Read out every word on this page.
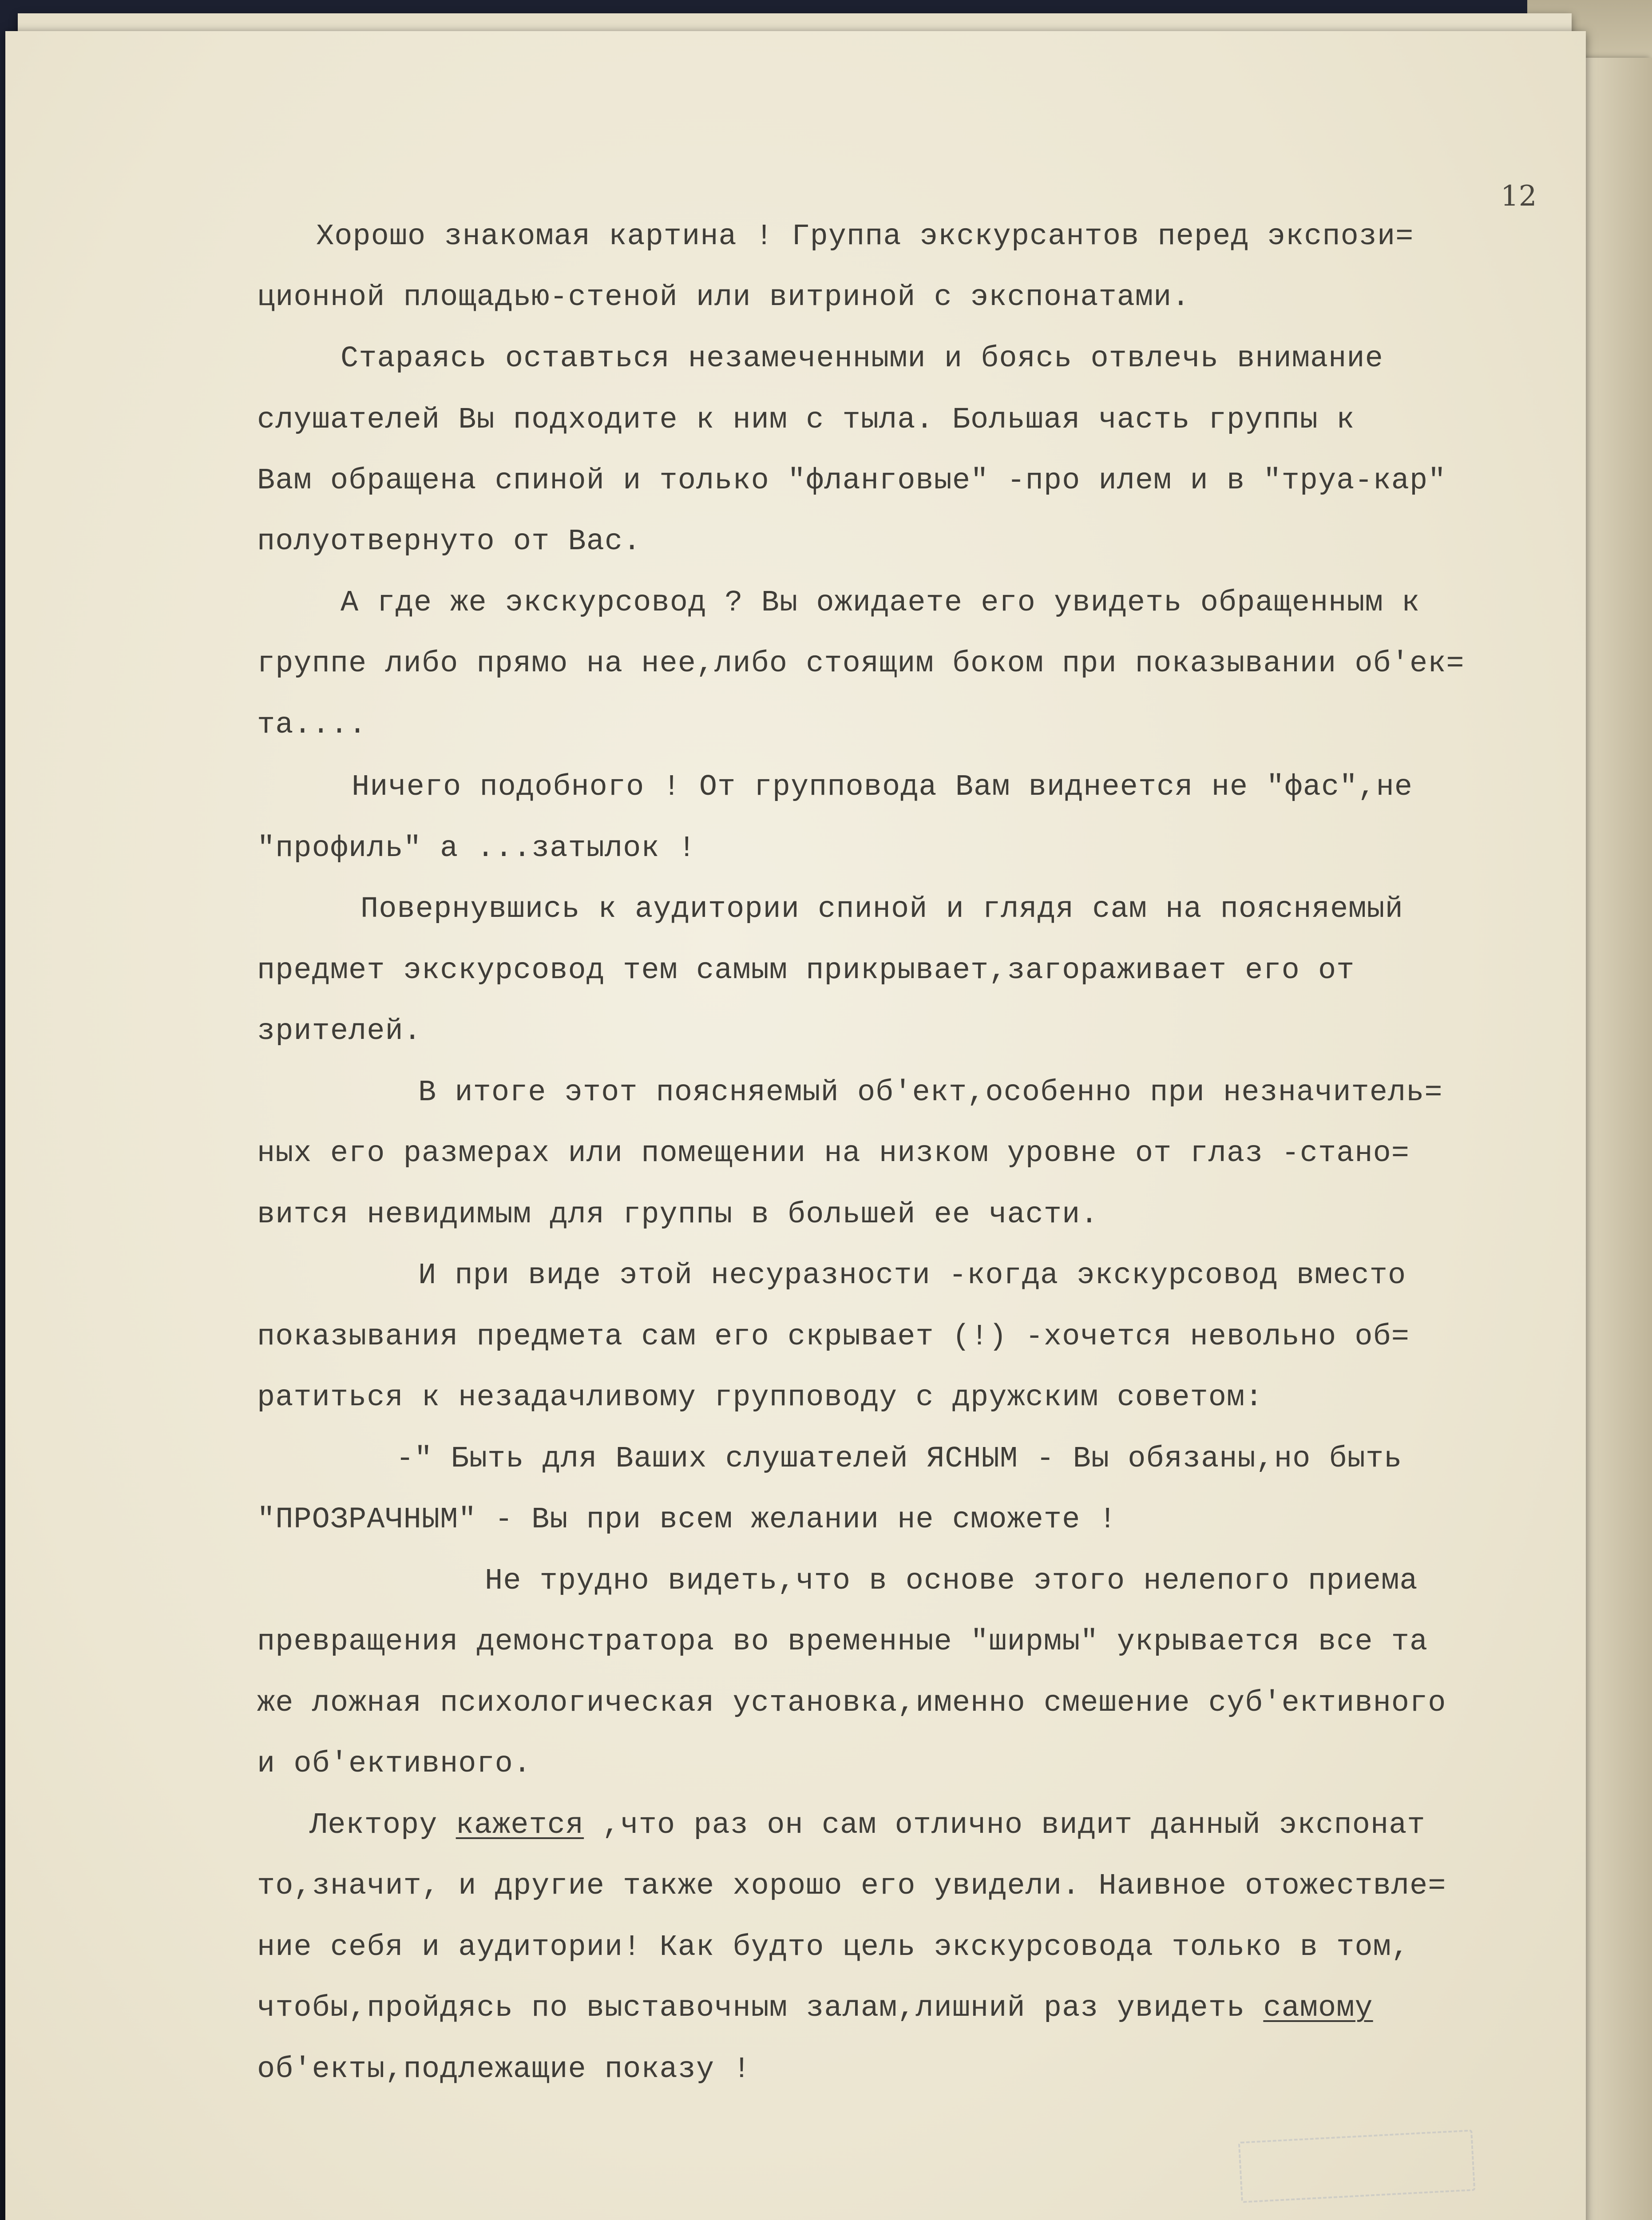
12
Хорошо знакомая картина ! Группа экскурсантов перед экспози=
ционной площадью-стеной или витриной с экспонатами.
Стараясь оставться незамеченными и боясь отвлечь внимание
слушателей Вы подходите к ним с тыла. Большая часть группы к
Вам обращена спиной и только "фланговые" -про илем и в "труа-кар"
полуотвернуто от Вас.
А где же экскурсовод ? Вы ожидаете его увидеть обращенным к
группе либо прямо на нее,либо стоящим боком при показывании об'ек=
та....
Ничего подобного ! От групповода Вам виднеется не "фас",не
"профиль" а ...затылок !
Повернувшись к аудитории спиной и глядя сам на поясняемый
предмет экскурсовод тем самым прикрывает,загораживает его от
зрителей.
В итоге этот поясняемый об'ект,особенно при незначитель=
ных его размерах или помещении на низком уровне от глаз -стано=
вится невидимым для группы в большей ее части.
И при виде этой несуразности -когда экскурсовод вместо
показывания предмета сам его скрывает (!) -хочется невольно об=
ратиться к незадачливому групповоду с дружским советом:
-" Быть для Ваших слушателей ЯСНЫМ - Вы обязаны,но быть
"ПРОЗРАЧНЫМ" - Вы при всем желании не сможете !
Не трудно видеть,что в основе этого нелепого приема
превращения демонстратора во временные "ширмы" укрывается все та
же ложная психологическая установка,именно смешение суб'ективного
и об'ективного.
Лектору кажется ,что раз он сам отлично видит данный экспонат
то,значит, и другие также хорошо его увидели. Наивное отожествле=
ние себя и аудитории! Как будто цель экскурсовода только в том,
чтобы,пройдясь по выставочным залам,лишний раз увидеть самому
об'екты,подлежащие показу !
